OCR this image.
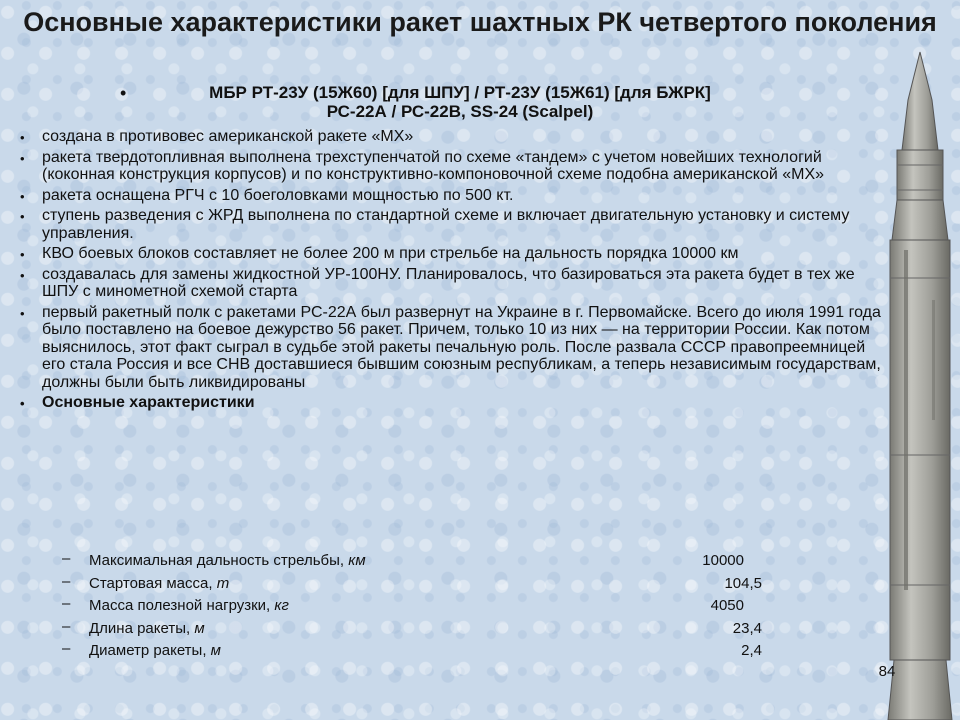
Основные характеристики ракет шахтных РК четвертого поколения
•	МБР РТ-23У (15Ж60) [для ШПУ] / РТ-23У (15Ж61) [для БЖРК]
РС-22А / РС-22В, SS-24 (Scalpel)
• создана в противовес американской ракете «МХ»
• ракета твердотопливная выполнена трехступенчатой по схеме «тандем» с учетом новейших технологий (коконная конструкция корпусов) и по конструктивно-компоновочной схеме подобна американской «МХ»
• ракета оснащена РГЧ с 10 боеголовками мощностью по 500 кт.
• ступень разведения с ЖРД выполнена по стандартной схеме и включает двигательную установку и систему управления.
• КВО боевых блоков составляет не более 200 м при стрельбе на дальность порядка 10000 км
• создавалась для замены жидкостной УР-100НУ. Планировалось, что базироваться эта ракета будет в тех же ШПУ с минометной схемой старта
• первый ракетный полк с ракетами РС-22А был развернут на Украине в г. Первомайске. Всего до июля 1991 года было поставлено на боевое дежурство 56 ракет. Причем, только 10 из них — на территории России. Как потом выяснилось, этот факт сыграл в судьбе этой ракеты печальную роль. После развала СССР правопреемницей его стала Россия и все СНВ доставшиеся бывшим союзным республикам, а теперь независимым государствам, должны были быть ликвидированы
• Основные характеристики
– Максимальная дальность стрельбы, км	10000
– Стартовая масса, т	104,5
– Масса полезной нагрузки, кг	4050
– Длина ракеты, м	23,4
– Диаметр ракеты, м	2,4
84
